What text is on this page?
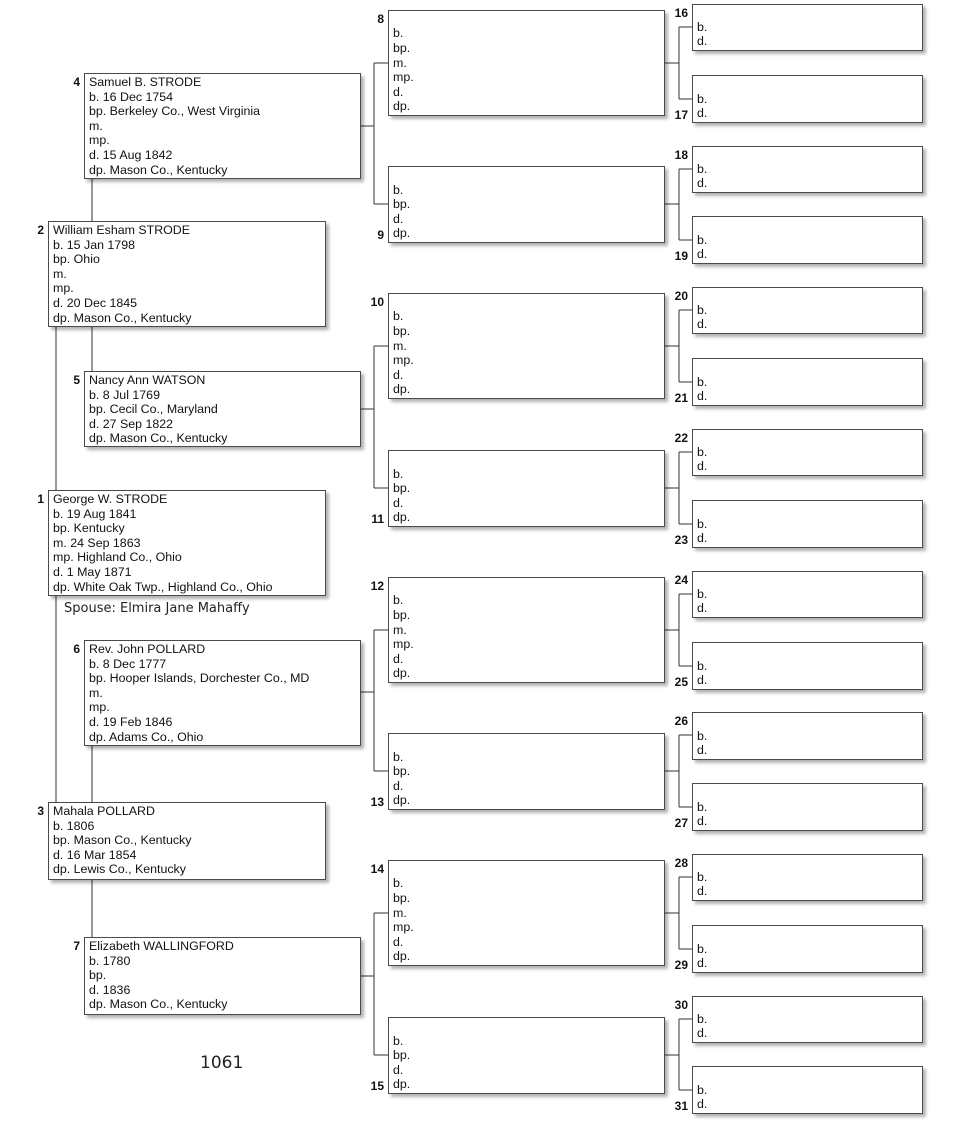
George W. STRODE
b. 19 Aug 1841
bp. Kentucky
m. 24 Sep 1863
mp. Highland Co., Ohio
d. 1 May 1871
dp. White Oak Twp., Highland Co., Ohio
1
William Esham STRODE
b. 15 Jan 1798
bp. Ohio
m.
mp.
d. 20 Dec 1845
dp. Mason Co., Kentucky
2
Mahala POLLARD
b. 1806
bp. Mason Co., Kentucky
d. 16 Mar 1854
dp. Lewis Co., Kentucky
3
Samuel B. STRODE
b. 16 Dec 1754
bp. Berkeley Co., West Virginia
m.
mp.
d. 15 Aug 1842
dp. Mason Co., Kentucky
4
Nancy Ann WATSON
b. 8 Jul 1769
bp. Cecil Co., Maryland
d. 27 Sep 1822
dp. Mason Co., Kentucky
5
Rev. John POLLARD
b. 8 Dec 1777
bp. Hooper Islands, Dorchester Co., MD
m.
mp.
d. 19 Feb 1846
dp. Adams Co., Ohio
6
Elizabeth WALLINGFORD
b. 1780
bp.
d. 1836
dp. Mason Co., Kentucky
7
b.
bp.
m.
mp.
d.
dp.
8
b.
bp.
d.
dp.
9
b.
bp.
m.
mp.
d.
dp.
10
b.
bp.
d.
dp.
11
b.
bp.
m.
mp.
d.
dp.
12
b.
bp.
d.
dp.
13
b.
bp.
m.
mp.
d.
dp.
14
b.
bp.
d.
dp.
15
b.
d.
16
b.
d.
17
b.
d.
18
b.
d.
19
b.
d.
20
b.
d.
21
b.
d.
22
b.
d.
23
b.
d.
24
b.
d.
25
b.
d.
26
b.
d.
27
b.
d.
28
b.
d.
29
b.
d.
30
b.
d.
31
Spouse: Elmira Jane Mahaffy
1061
